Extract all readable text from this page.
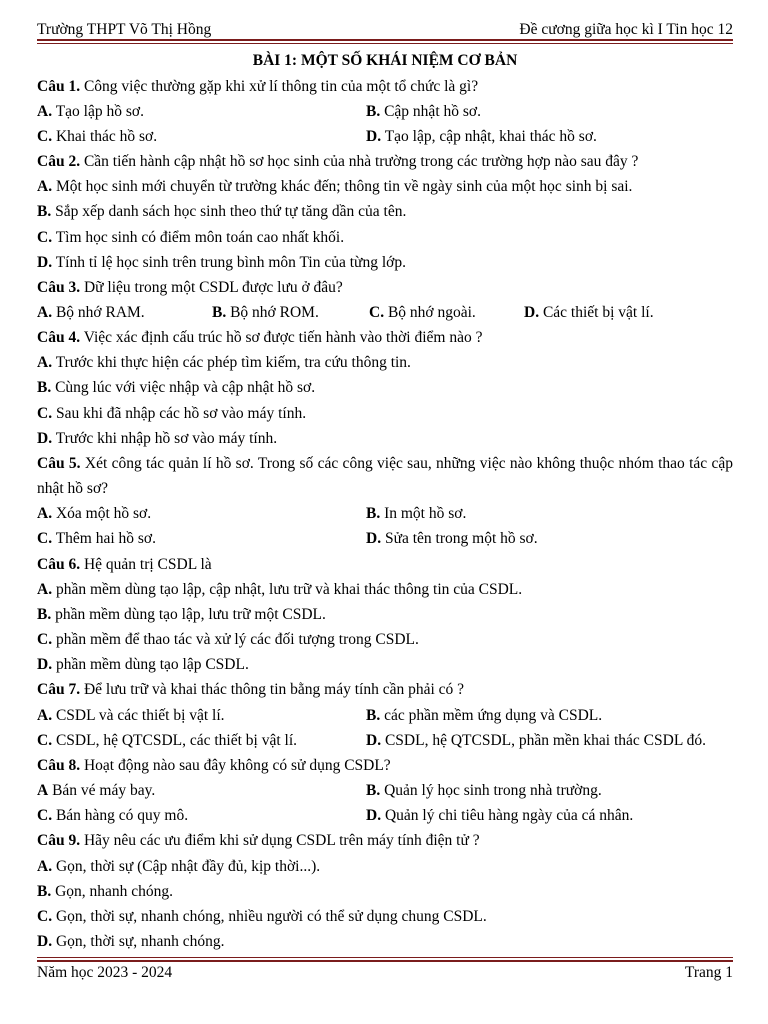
Trường THPT Võ Thị Hồng	Đề cương giữa học kì I Tin học 12
BÀI 1: MỘT SỐ KHÁI NIỆM CƠ BẢN

Câu 1. Công việc thường gặp khi xử lí thông tin của một tổ chức là gì?

A. Tạo lập hồ sơ.	B. Cập nhật hồ sơ.
C. Khai thác hồ sơ.	D. Tạo lập, cập nhật, khai thác hồ sơ.

Câu 2. Cần tiến hành cập nhật hồ sơ học sinh của nhà trường trong các trường hợp nào sau đây ?

A. Một học sinh mới chuyển từ trường khác đến; thông tin về ngày sinh của một học sinh bị sai.
B. Sắp xếp danh sách học sinh theo thứ tự tăng dần của tên.
C. Tìm học sinh có điểm môn toán cao nhất khối.
D. Tính tỉ lệ học sinh trên trung bình môn Tin của từng lớp.

Câu 3. Dữ liệu trong một CSDL được lưu ở đâu?

A. Bộ nhớ RAM.	B. Bộ nhớ ROM.	C. Bộ nhớ ngoài.	D. Các thiết bị vật lí.

Câu 4. Việc xác định cấu trúc hồ sơ được tiến hành vào thời điểm nào ?

A. Trước khi thực hiện các phép tìm kiếm, tra cứu thông tin.
B. Cùng lúc với việc nhập và cập nhật hồ sơ.
C. Sau khi đã nhập các hồ sơ vào máy tính.
D. Trước khi nhập hồ sơ vào máy tính.

Câu 5. Xét công tác quản lí hồ sơ. Trong số các công việc sau, những việc nào không thuộc nhóm thao tác cập nhật hồ sơ?

A. Xóa một hồ sơ.	B. In một hồ sơ.
C. Thêm hai hồ sơ.	D. Sửa tên trong một hồ sơ.

Câu 6. Hệ quản trị CSDL là

A. phần mềm dùng tạo lập, cập nhật, lưu trữ và khai thác thông tin của CSDL.
B. phần mềm dùng tạo lập, lưu trữ một CSDL.
C. phần mềm để thao tác và xử lý các đối tượng trong CSDL.
D. phần mềm dùng tạo lập CSDL.

Câu 7. Để lưu trữ và khai thác thông tin bằng máy tính cần phải có ?

A. CSDL và các thiết bị vật lí.	B. các phần mềm ứng dụng và CSDL.
C. CSDL, hệ QTCSDL, các thiết bị vật lí.	D. CSDL, hệ QTCSDL, phần mền khai thác CSDL đó.

Câu 8. Hoạt động nào sau đây không có sử dụng CSDL?

A Bán vé máy bay.	B. Quản lý học sinh trong nhà trường.
C. Bán hàng có quy mô.	D. Quản lý chi tiêu hàng ngày của cá nhân.

Câu 9. Hãy nêu các ưu điểm khi sử dụng CSDL trên máy tính điện tử ?

A. Gọn, thời sự (Cập nhật đầy đủ, kịp thời...).
B. Gọn, nhanh chóng.
C. Gọn, thời sự, nhanh chóng, nhiều người có thể sử dụng chung CSDL.
D. Gọn, thời sự, nhanh chóng.
Năm học 2023 - 2024	Trang 1
